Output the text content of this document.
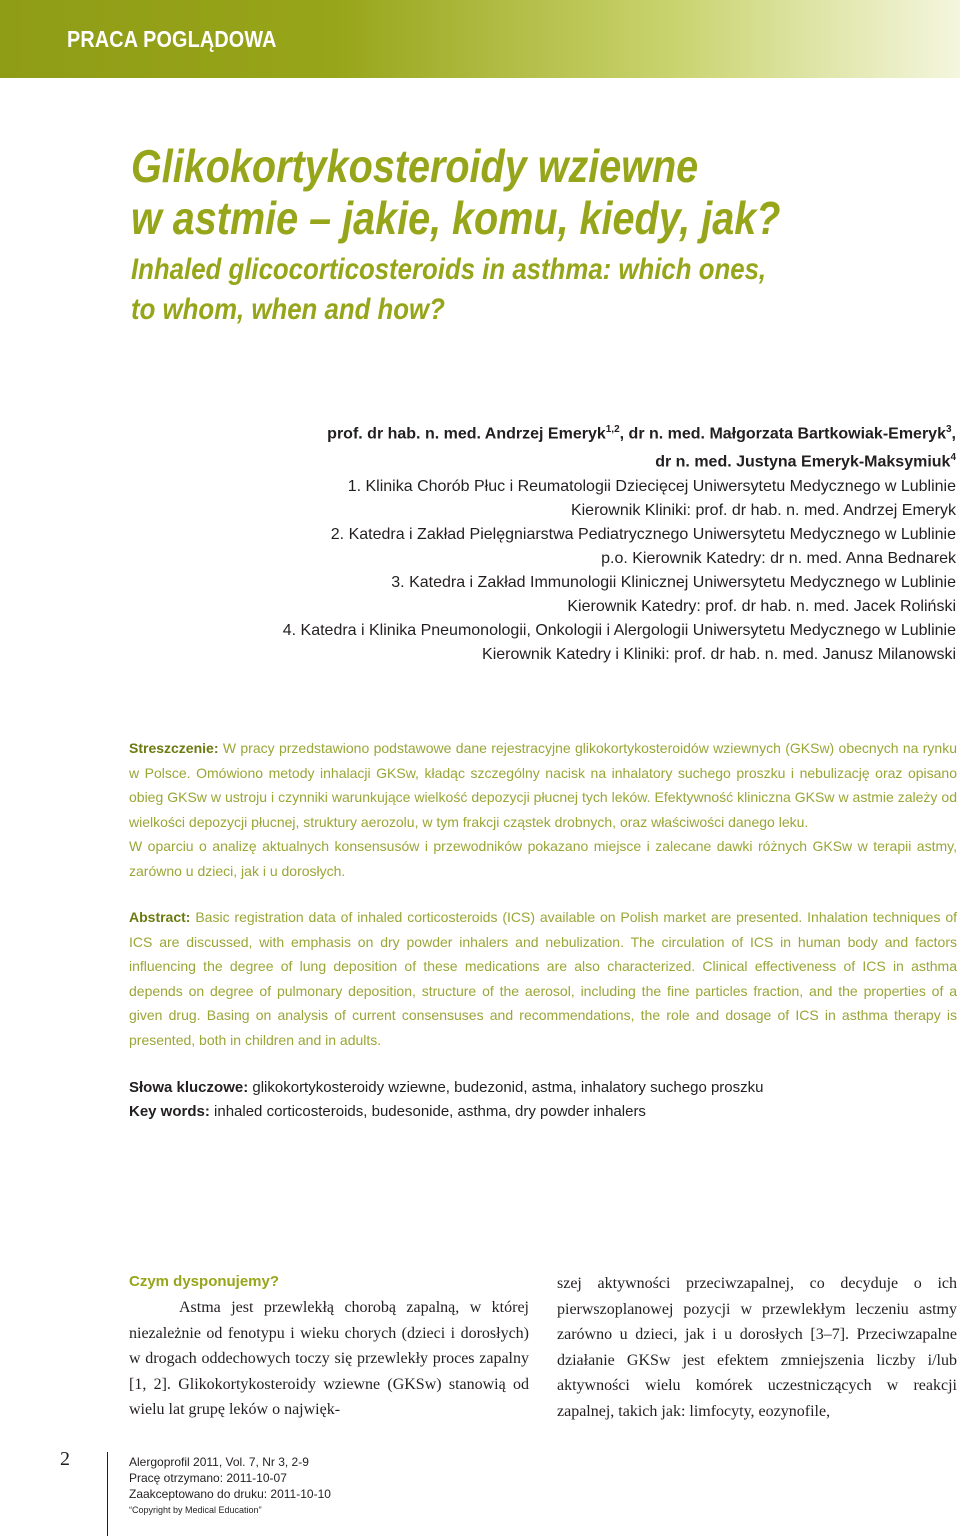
PRACA POGLĄDOWA
Glikokortykosteroidy wziewne
w astmie – jakie, komu, kiedy, jak?
Inhaled glicocorticosteroids in asthma: which ones,
to whom, when and how?
prof. dr hab. n. med. Andrzej Emeryk$^{1,2}$, dr n. med. Małgorzata Bartkowiak-Emeryk$^3$,
dr n. med. Justyna Emeryk-Maksymiuk$^4$
1. Klinika Chorób Płuc i Reumatologii Dziecięcej Uniwersytetu Medycznego w Lublinie
Kierownik Kliniki: prof. dr hab. n. med. Andrzej Emeryk
2. Katedra i Zakład Pielęgniarstwa Pediatrycznego Uniwersytetu Medycznego w Lublinie
p.o. Kierownik Katedry: dr n. med. Anna Bednarek
3. Katedra i Zakład Immunologii Klinicznej Uniwersytetu Medycznego w Lublinie
Kierownik Katedry: prof. dr hab. n. med. Jacek Roliński
4. Katedra i Klinika Pneumonologii, Onkologii i Alergologii Uniwersytetu Medycznego w Lublinie
Kierownik Katedry i Kliniki: prof. dr hab. n. med. Janusz Milanowski

Streszczenie: W pracy przedstawiono podstawowe dane rejestracyjne glikokortykosteroidów wziewnych (GKSw) obecnych na rynku w Polsce. Omówiono metody inhalacji GKSw, kładąc szczególny nacisk na inhalatory suchego proszku i nebulizację oraz opisano obieg GKSw w ustroju i czynniki warunkujące wielkość depozycji płucnej tych leków. Efektywność kliniczna GKSw w astmie zależy od wielkości depozycji płucnej, struktury aerozolu, w tym frakcji cząstek drobnych, oraz właściwości danego leku.

W oparciu o analizę aktualnych konsensusów i przewodników pokazano miejsce i zalecane dawki różnych GKSw w terapii astmy, zarówno u dzieci, jak i u dorosłych.

Abstract: Basic registration data of inhaled corticosteroids (ICS) available on Polish market are presented. Inhalation techniques of ICS are discussed, with emphasis on dry powder inhalers and nebulization. The circulation of ICS in human body and factors influencing the degree of lung deposition of these medications are also characterized. Clinical effectiveness of ICS in asthma depends on degree of pulmonary deposition, structure of the aerosol, including the fine particles fraction, and the properties of a given drug. Basing on analysis of current consensuses and recommendations, the role and dosage of ICS in asthma therapy is presented, both in children and in adults.
Słowa kluczowe: glikokortykosteroidy wziewne, budezonid, astma, inhalatory suchego proszku
Key words: inhaled corticosteroids, budesonide, asthma, dry powder inhalers
Czym dysponujemy?
Astma jest przewlekłą chorobą zapalną, w której niezależnie od fenotypu i wieku chorych (dzieci i dorosłych) w drogach oddechowych toczy się przewlekły proces zapalny [1, 2]. Glikokortykosteroidy wziewne (GKSw) stanowią od wielu lat grupę leków o najwięk-
szej aktywności przeciwzapalnej, co decyduje o ich pierwszoplanowej pozycji w przewlekłym leczeniu astmy zarówno u dzieci, jak i u dorosłych [3–7]. Przeciwzapalne działanie GKSw jest efektem zmniejszenia liczby i/lub aktywności wielu komórek uczestniczących w reakcji zapalnej, takich jak: limfocyty, eozynofile,
2	Alergoprofil 2011, Vol. 7, Nr 3, 2-9
Pracę otrzymano: 2011-10-07
Zaakceptowano do druku: 2011-10-10
“Copyright by Medical Education”
